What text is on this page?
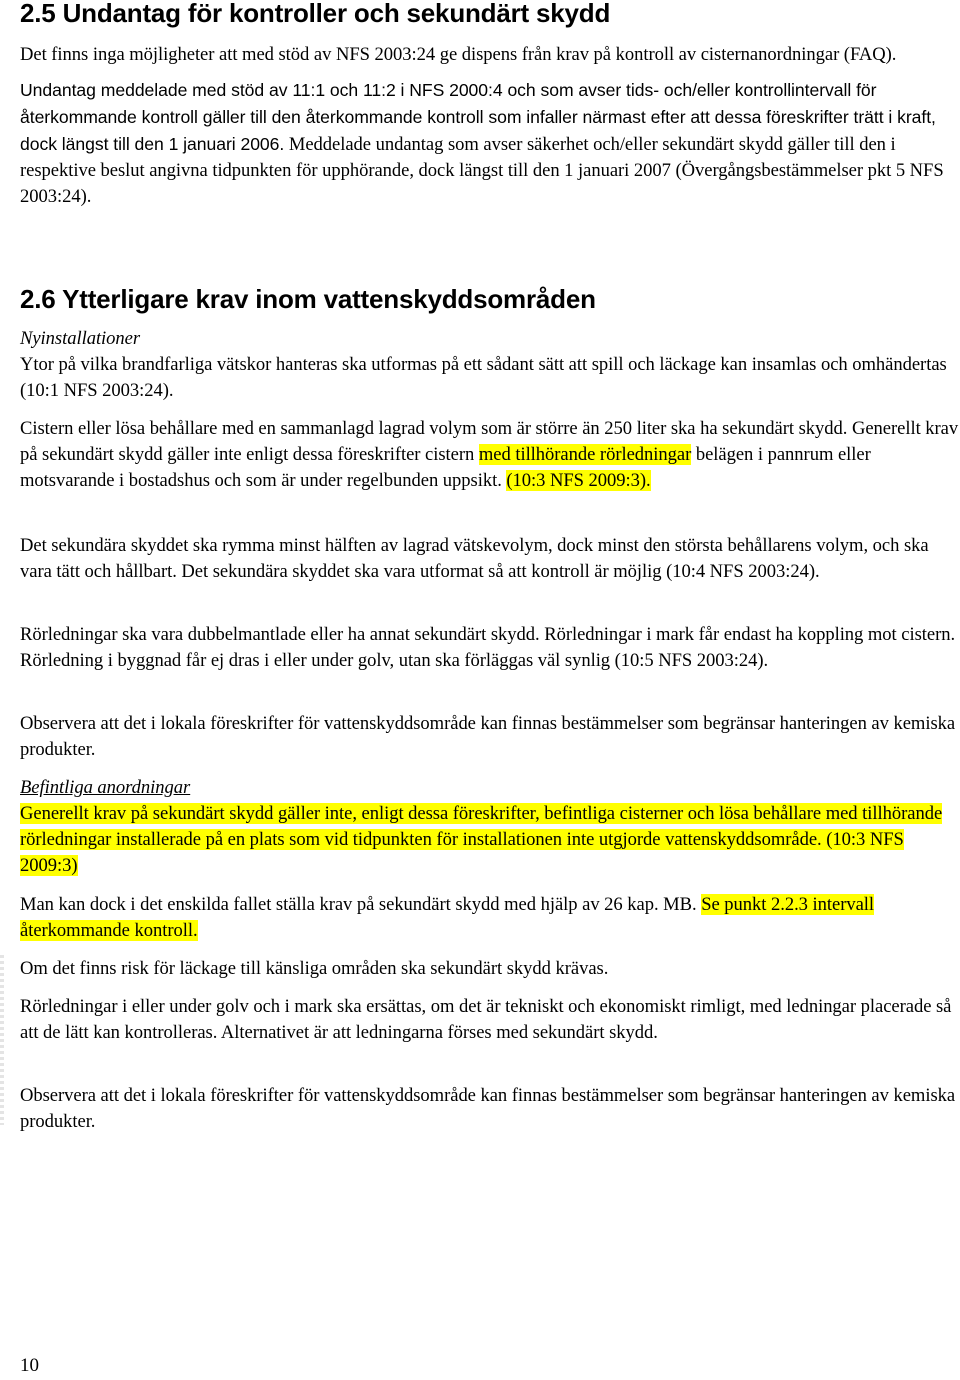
2.5 Undantag för kontroller och sekundärt skydd

Det finns inga möjligheter att med stöd av NFS 2003:24 ge dispens från krav på kontroll av cisternanordningar (FAQ).

Undantag meddelade med stöd av 11:1 och 11:2 i NFS 2000:4 och som avser tids- och/eller kontrollintervall för återkommande kontroll gäller till den återkommande kontroll som infaller närmast efter att dessa föreskrifter trätt i kraft, dock längst till den 1 januari 2006. Meddelade undantag som avser säkerhet och/eller sekundärt skydd gäller till den i respektive beslut angivna tidpunkten för upphörande, dock längst till den 1 januari 2007 (Övergångsbestämmelser pkt 5 NFS 2003:24).

2.6 Ytterligare krav inom vattenskyddsområden
Nyinstallationer

Ytor på vilka brandfarliga vätskor hanteras ska utformas på ett sådant sätt att spill och läckage kan insamlas och omhändertas (10:1 NFS 2003:24).

Cistern eller lösa behållare med en sammanlagd lagrad volym som är större än 250 liter ska ha sekundärt skydd. Generellt krav på sekundärt skydd gäller inte enligt dessa föreskrifter cistern med tillhörande rörledningar belägen i pannrum eller motsvarande i bostadshus och som är under regelbunden uppsikt. (10:3 NFS 2009:3).

Det sekundära skyddet ska rymma minst hälften av lagrad vätskevolym, dock minst den största behållarens volym, och ska vara tätt och hållbart. Det sekundära skyddet ska vara utformat så att kontroll är möjlig (10:4 NFS 2003:24).

Rörledningar ska vara dubbelmantlade eller ha annat sekundärt skydd. Rörledningar i mark får endast ha koppling mot cistern. Rörledning i byggnad får ej dras i eller under golv, utan ska förläggas väl synlig (10:5 NFS 2003:24).

Observera att det i lokala föreskrifter för vattenskyddsområde kan finnas bestämmelser som begränsar hanteringen av kemiska produkter.

Befintliga anordningar

Generellt krav på sekundärt skydd gäller inte, enligt dessa föreskrifter, befintliga cisterner och lösa behållare med tillhörande rörledningar installerade på en plats som vid tidpunkten för installationen inte utgjorde vattenskyddsområde. (10:3 NFS 2009:3)

Man kan dock i det enskilda fallet ställa krav på sekundärt skydd med hjälp av 26 kap. MB. Se punkt 2.2.3 intervall återkommande kontroll.

Om det finns risk för läckage till känsliga områden ska sekundärt skydd krävas.

Rörledningar i eller under golv och i mark ska ersättas, om det är tekniskt och ekonomiskt rimligt, med ledningar placerade så att de lätt kan kontrolleras. Alternativet är att ledningarna förses med sekundärt skydd.

Observera att det i lokala föreskrifter för vattenskyddsområde kan finnas bestämmelser som begränsar hanteringen av kemiska produkter.

10
